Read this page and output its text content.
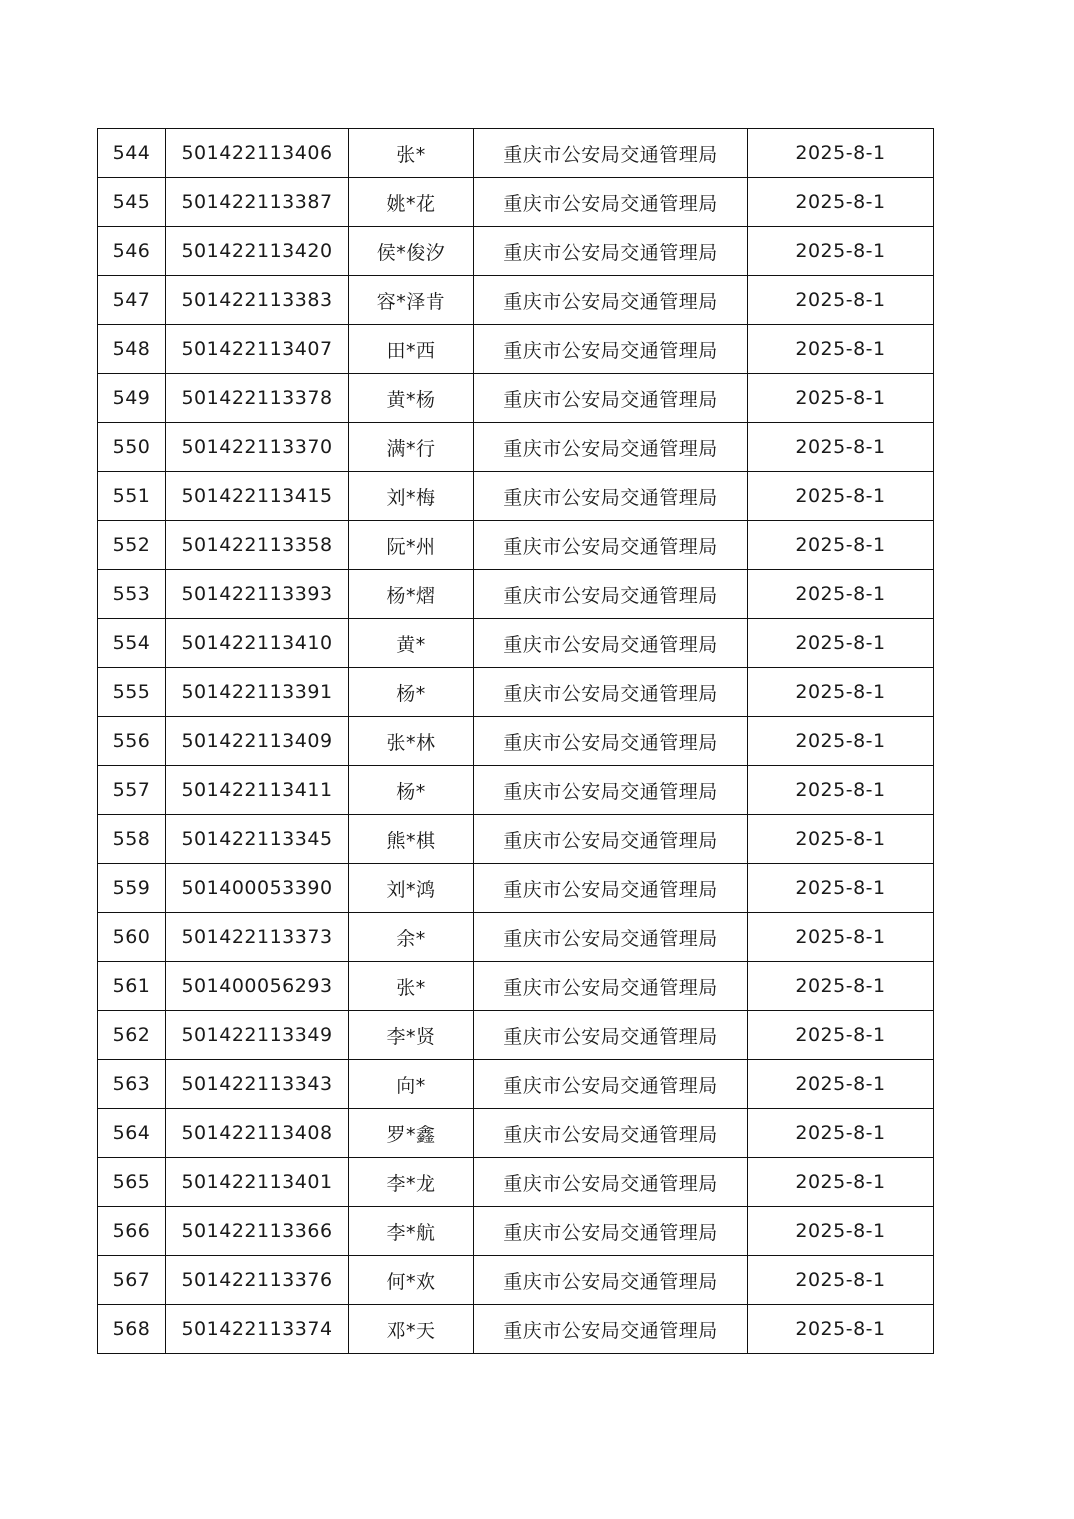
544	501422113406	张*	重庆市公安局交通管理局	2025-8-1
545	501422113387	姚*花	重庆市公安局交通管理局	2025-8-1
546	501422113420	侯*俊汐	重庆市公安局交通管理局	2025-8-1
547	501422113383	容*泽肯	重庆市公安局交通管理局	2025-8-1
548	501422113407	田*西	重庆市公安局交通管理局	2025-8-1
549	501422113378	黄*杨	重庆市公安局交通管理局	2025-8-1
550	501422113370	满*行	重庆市公安局交通管理局	2025-8-1
551	501422113415	刘*梅	重庆市公安局交通管理局	2025-8-1
552	501422113358	阮*州	重庆市公安局交通管理局	2025-8-1
553	501422113393	杨*熠	重庆市公安局交通管理局	2025-8-1
554	501422113410	黄*	重庆市公安局交通管理局	2025-8-1
555	501422113391	杨*	重庆市公安局交通管理局	2025-8-1
556	501422113409	张*林	重庆市公安局交通管理局	2025-8-1
557	501422113411	杨*	重庆市公安局交通管理局	2025-8-1
558	501422113345	熊*棋	重庆市公安局交通管理局	2025-8-1
559	501400053390	刘*鸿	重庆市公安局交通管理局	2025-8-1
560	501422113373	余*	重庆市公安局交通管理局	2025-8-1
561	501400056293	张*	重庆市公安局交通管理局	2025-8-1
562	501422113349	李*贤	重庆市公安局交通管理局	2025-8-1
563	501422113343	向*	重庆市公安局交通管理局	2025-8-1
564	501422113408	罗*鑫	重庆市公安局交通管理局	2025-8-1
565	501422113401	李*龙	重庆市公安局交通管理局	2025-8-1
566	501422113366	李*航	重庆市公安局交通管理局	2025-8-1
567	501422113376	何*欢	重庆市公安局交通管理局	2025-8-1
568	501422113374	邓*天	重庆市公安局交通管理局	2025-8-1
